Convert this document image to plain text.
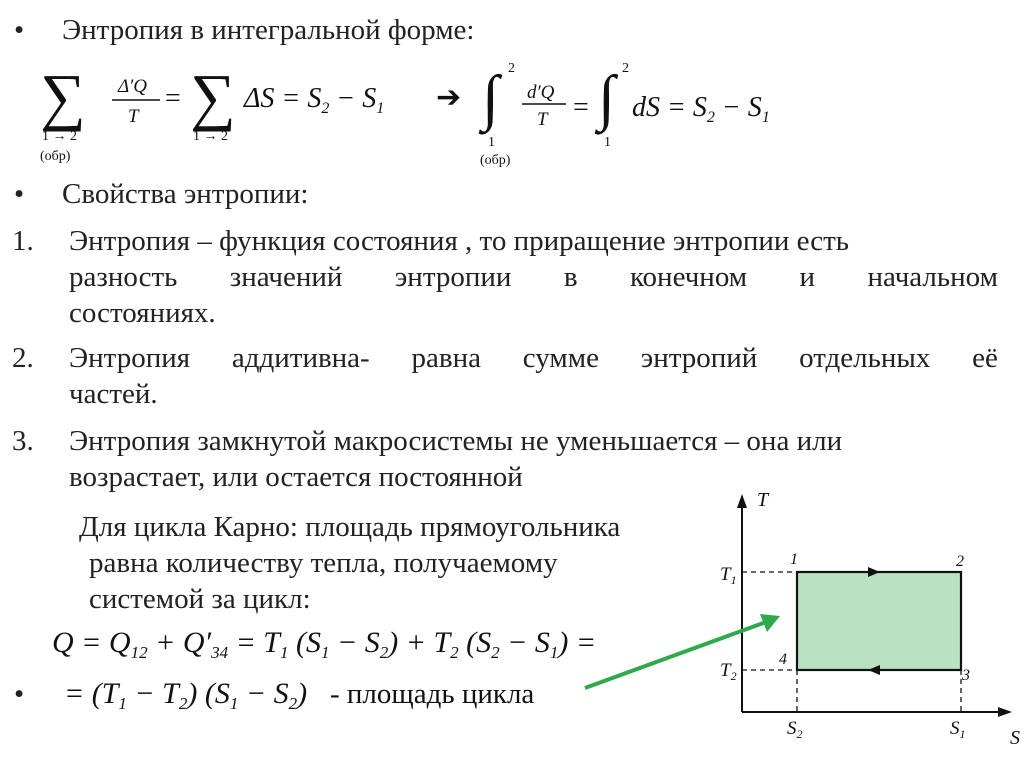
• Энтропия в интегральной форме:
∑
1 → 2
(обр)
Δ′Q
T
= ∑
1 → 2
$\Delta S = S_2 - S_1$ ➔
2
∫
1
(обр)
d′Q
T =
2
∫
1
dS = $S_2 - S_1$
$Q = Q_{12} + Q'_{34} = T_1$ $(S_1 - S_2) + T_2$ $(S_2 - S_1)$ =
= $(T_1 - T_2) (S_1 - S_2)$ - площадь цикла
T
S
$T_1$
$T_2$
$S_2$	$S_1$
1	2
3
4
• Свойства энтропии:
1. Энтропия – функция состояния , то приращение энтропии есть
разность значений энтропии в конечном и начальном
состояниях.
2. Энтропия аддитивна- равна сумме энтропий отдельных её
частей.
3. Энтропия замкнутой макросистемы не уменьшается – она или
возрастает, или остается постоянной
Для цикла Карно: площадь прямоугольника
равна количеству тепла, получаемому
системой за цикл:
•
